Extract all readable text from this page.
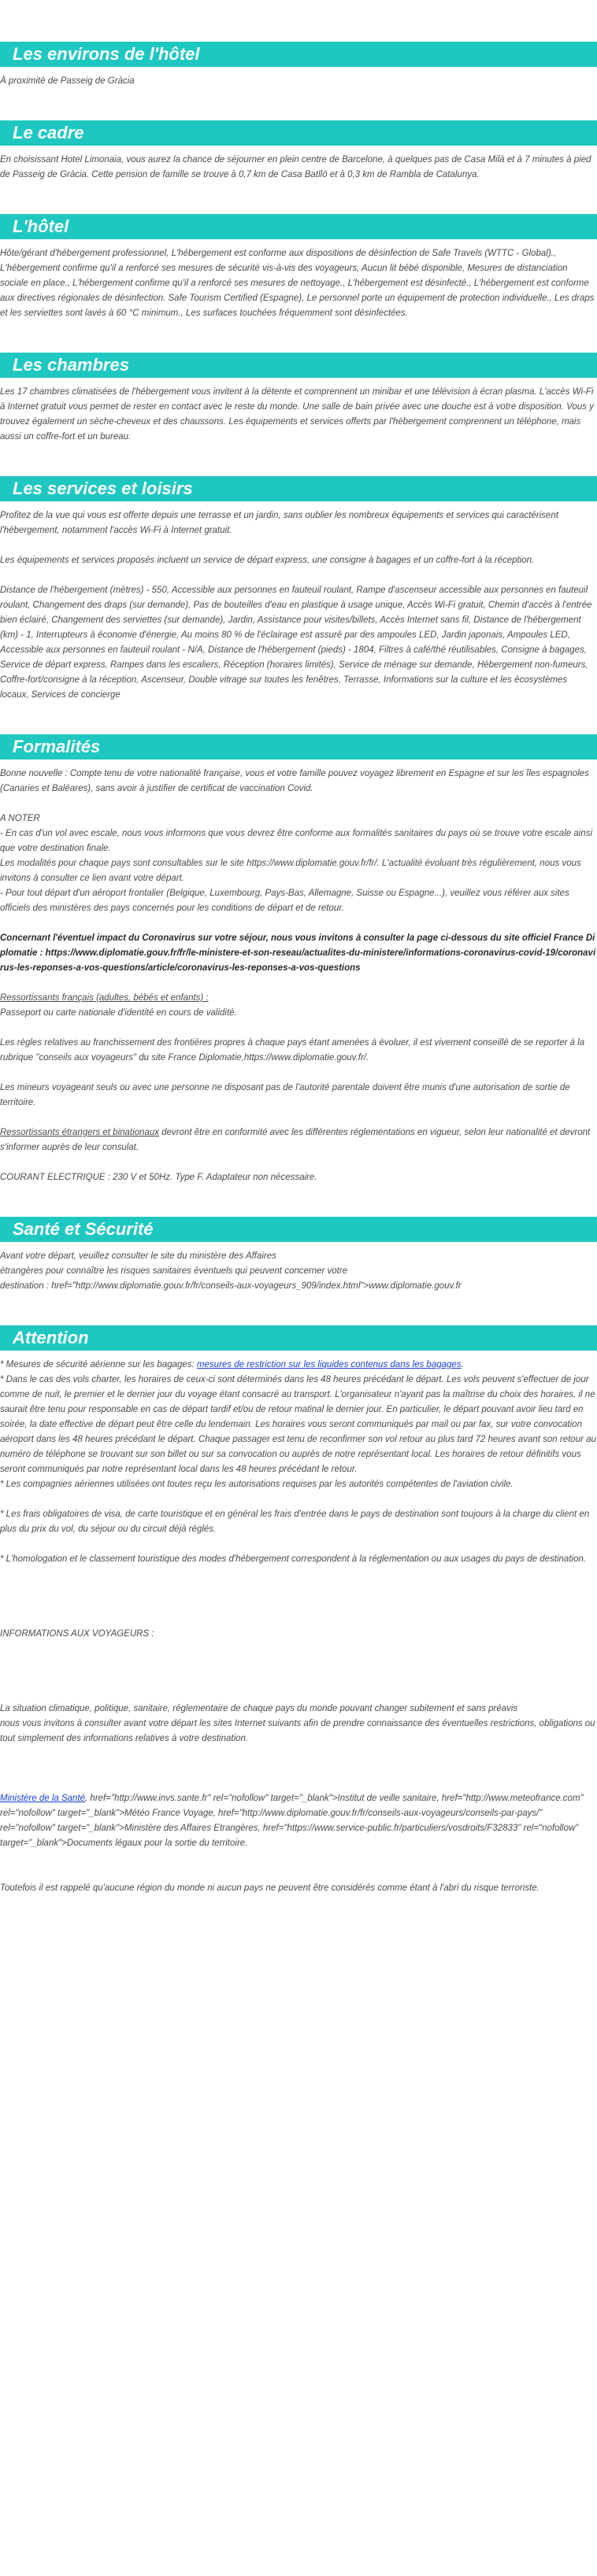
Les environs de l'hôtel

À proximité de Passeig de Gràcia

Le cadre

En choisissant Hotel Limonaia, vous aurez la chance de séjourner en plein centre de Barcelone, à quelques pas de Casa Milà et à 7 minutes à pied de Passeig de Gràcia. Cette pension de famille se trouve à 0,7 km de Casa Batlló et à 0,3 km de Rambla de Catalunya.

L'hôtel

Hôte/gérant d'hébergement professionnel, L'hébergement est conforme aux dispositions de désinfection de Safe Travels (WTTC - Global)., L'hébergement confirme qu'il a renforcé ses mesures de sécurité vis-à-vis des voyageurs, Aucun lit bébé disponible, Mesures de distanciation sociale en place., L'hébergement confirme qu'il a renforcé ses mesures de nettoyage., L'hébergement est désinfecté., L'hébergement est conforme aux directives régionales de désinfection. Safe Tourism Certified (Espagne), Le personnel porte un équipement de protection individuelle., Les draps et les serviettes sont lavés à 60 °C minimum., Les surfaces touchées fréquemment sont désinfectées.

Les chambres

Les 17 chambres climatisées de l'hébergement vous invitent à la détente et comprennent un minibar et une télévision à écran plasma. L'accès Wi-Fi à Internet gratuit vous permet de rester en contact avec le reste du monde. Une salle de bain privée avec une douche est à votre disposition. Vous y trouvez également un sèche-cheveux et des chaussons. Les équipements et services offerts par l'hébergement comprennent un téléphone, mais aussi un coffre-fort et un bureau.

Les services et loisirs

Profitez de la vue qui vous est offerte depuis une terrasse et un jardin, sans oublier les nombreux équipements et services qui caractérisent l'hébergement, notamment l'accès Wi-Fi à Internet gratuit.

Les équipements et services proposés incluent un service de départ express, une consigne à bagages et un coffre-fort à la réception.

Distance de l'hébergement (mètres) - 550, Accessible aux personnes en fauteuil roulant, Rampe d'ascenseur accessible aux personnes en fauteuil roulant, Changement des draps (sur demande), Pas de bouteilles d'eau en plastique à usage unique, Accès Wi-Fi gratuit, Chemin d'accès à l'entrée bien éclairé, Changement des serviettes (sur demande), Jardin, Assistance pour visites/billets, Accès Internet sans fil, Distance de l'hébergement (km) - 1, Interrupteurs à économie d'énergie, Au moins 80 % de l'éclairage est assuré par des ampoules LED, Jardin japonais, Ampoules LED, Accessible aux personnes en fauteuil roulant - N/A, Distance de l'hébergement (pieds) - 1804, Filtres à café/thé réutilisables, Consigne à bagages, Service de départ express, Rampes dans les escaliers, Réception (horaires limités), Service de ménage sur demande, Hébergement non-fumeurs, Coffre-fort/consigne à la réception, Ascenseur, Double vitrage sur toutes les fenêtres, Terrasse, Informations sur la culture et les écosystèmes locaux, Services de concierge

Formalités

Bonne nouvelle : Compte tenu de votre nationalité française, vous et votre famille pouvez voyagez librement en Espagne et sur les îles espagnoles (Canaries et Baléares), sans avoir à justifier de certificat de vaccination Covid.

A NOTER

- En cas d'un vol avec escale, nous vous informons que vous devrez être conforme aux formalités sanitaires du pays où se trouve votre escale ainsi que votre destination finale.

Les modalités pour chaque pays sont consultables sur le site https://www.diplomatie.gouv.fr/fr/. L'actualité évoluant très régulièrement, nous vous invitons à consulter ce lien avant votre départ.

- Pour tout départ d'un aéroport frontalier (Belgique, Luxembourg, Pays-Bas, Allemagne, Suisse ou Espagne...), veuillez vous référer aux sites officiels des ministères des pays concernés pour les conditions de départ et de retour.

Concernant l'éventuel impact du Coronavirus sur votre séjour, nous vous invitons à consulter la page ci-dessous du site officiel France Diplomatie : https://www.diplomatie.gouv.fr/fr/le-ministere-et-son-reseau/actualites-du-ministere/informations-coronavirus-covid-19/coronavirus-les-reponses-a-vos-questions/article/coronavirus-les-reponses-a-vos-questions

Ressortissants français (adultes, bébés et enfants) :

Passeport ou carte nationale d'identité en cours de validité.

Les règles relatives au franchissement des frontières propres à chaque pays étant amenées à évoluer, il est vivement conseillé de se reporter à la rubrique "conseils aux voyageurs" du site France Diplomatie,https://www.diplomatie.gouv.fr/.

Les mineurs voyageant seuls ou avec une personne ne disposant pas de l'autorité parentale doivent être munis d'une autorisation de sortie de territoire.

Ressortissants étrangers et binationaux devront être en conformité avec les différentes réglementations en vigueur, selon leur nationalité et devront s'informer auprès de leur consulat.

COURANT ELECTRIQUE : 230 V et 50Hz. Type F. Adaptateur non nécessaire.

Santé et Sécurité

Avant votre départ, veuillez consulter le site du ministère des Affaires

étrangères pour connaître les risques sanitaires éventuels qui peuvent concerner votre

destination : href="http://www.diplomatie.gouv.fr/fr/conseils-aux-voyageurs_909/index.html">www.diplomatie.gouv.fr

Attention

* Mesures de sécurité aérienne sur les bagages: mesures de restriction sur les liquides contenus dans les bagages.

* Dans le cas des vols charter, les horaires de ceux-ci sont déterminés dans les 48 heures précédant le départ. Les vols peuvent s'effectuer de jour comme de nuit, le premier et le dernier jour du voyage étant consacré au transport. L'organisateur n'ayant pas la maîtrise du choix des horaires, il ne saurait être tenu pour responsable en cas de départ tardif et/ou de retour matinal le dernier jour. En particulier, le départ pouvant avoir lieu tard en soirée, la date effective de départ peut être celle du lendemain. Les horaires vous seront communiqués par mail ou par fax, sur votre convocation aéroport dans les 48 heures précédant le départ. Chaque passager est tenu de reconfirmer son vol retour au plus tard 72 heures avant son retour au numéro de téléphone se trouvant sur son billet ou sur sa convocation ou auprès de notre représentant local. Les horaires de retour définitifs vous seront communiqués par notre représentant local dans les 48 heures précédant le retour.

* Les compagnies aériennes utilisées ont toutes reçu les autorisations requises par les autorités compétentes de l'aviation civile.

* Les frais obligatoires de visa, de carte touristique et en général les frais d'entrée dans le pays de destination sont toujours à la charge du client en plus du prix du vol, du séjour ou du circuit déjà réglés.

* L'homologation et le classement touristique des modes d'hébergement correspondent à la réglementation ou aux usages du pays de destination.

INFORMATIONS AUX VOYAGEURS :

La situation climatique, politique, sanitaire, réglementaire de chaque pays du monde pouvant changer subitement et sans préavis

nous vous invitons à consulter avant votre départ les sites Internet suivants afin de prendre connaissance des éventuelles restrictions, obligations ou tout simplement des informations relatives à votre destination.

Ministère de la Santé, href="http://www.invs.sante.fr" rel="nofollow" target="_blank">Institut de veille sanitaire, href="http://www.meteofrance.com" rel="nofollow" target="_blank">Météo France Voyage, href="http://www.diplomatie.gouv.fr/fr/conseils-aux-voyageurs/conseils-par-pays/" rel="nofollow" target="_blank">Ministère des Affaires Etrangères, href="https://www.service-public.fr/particuliers/vosdroits/F32833" rel="nofollow" target="_blank">Documents légaux pour la sortie du territoire.

Toutefois il est rappelé qu'aucune région du monde ni aucun pays ne peuvent être considérés comme étant à l'abri du risque terroriste.
